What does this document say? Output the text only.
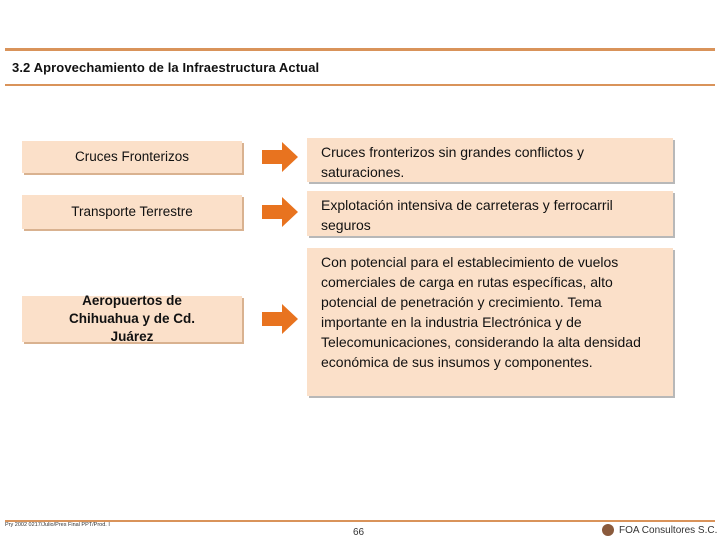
3.2 Aprovechamiento de la Infraestructura Actual
Cruces Fronterizos	Cruces fronterizos sin grandes conflictos y saturaciones.
Transporte Terrestre	Explotación intensiva de carreteras y ferrocarril seguros
Aeropuertos de Chihuahua y de Cd. Juárez
Con potencial para el establecimiento de vuelos comerciales de carga en rutas específicas, alto potencial de penetración y crecimiento. Tema importante en la industria Electrónica y de Telecomunicaciones, considerando la alta densidad económica de sus insumos y componentes.
Pry 2002 0217/Julio/Pres Final PPT/Prod. I
66	FOA Consultores S.C.
